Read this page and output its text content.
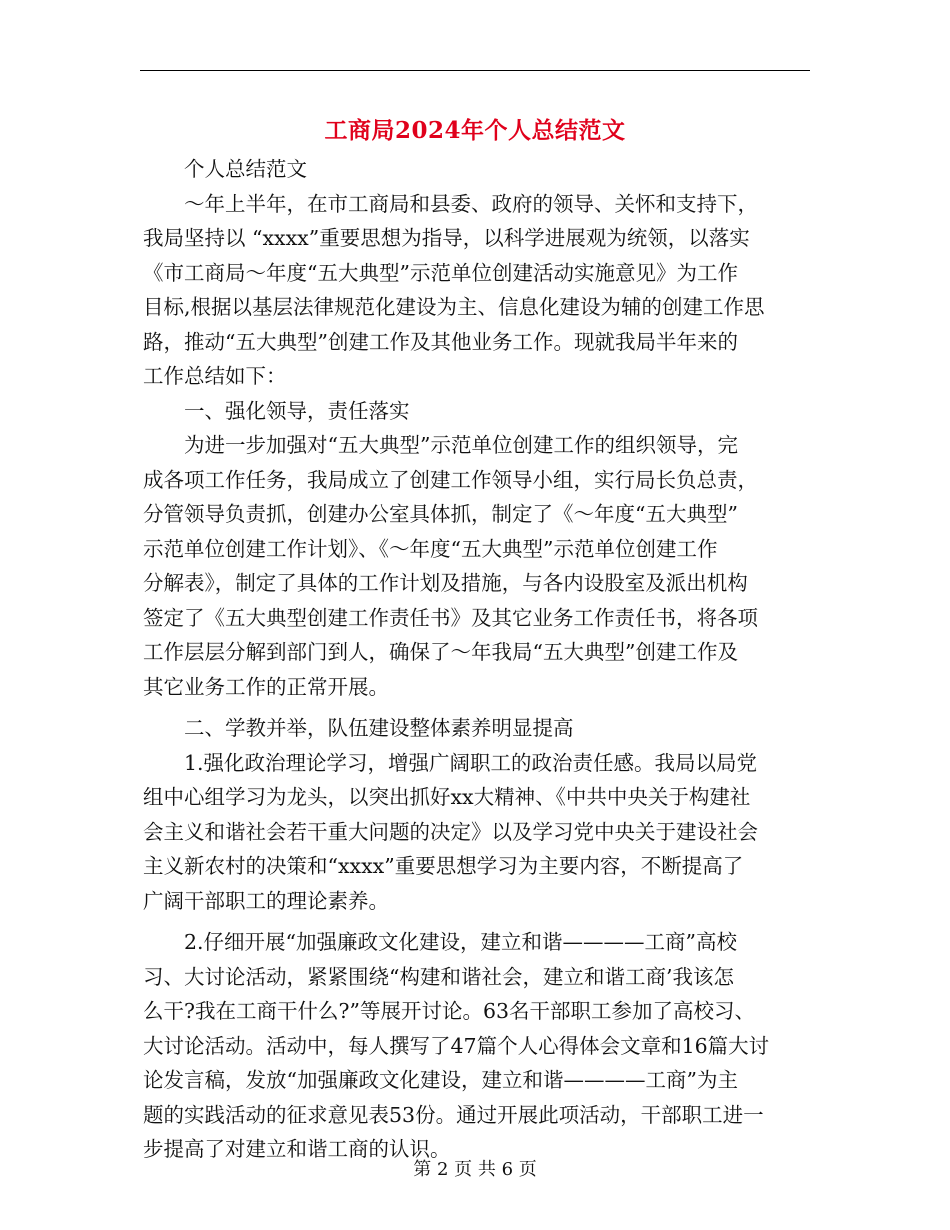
工商局2024年个人总结范文
个人总结范文
～年上半年，在市工商局和县委、政府的领导、关怀和支持下，
我局坚持以 “xxxx”重要思想为指导，以科学进展观为统领，以落实
《市工商局～年度“五大典型”示范单位创建活动实施意见》为工作
目标,根据以基层法律规范化建设为主、信息化建设为辅的创建工作思
路，推动“五大典型”创建工作及其他业务工作。现就我局半年来的
工作总结如下：
一、强化领导，责任落实
为进一步加强对“五大典型”示范单位创建工作的组织领导，完
成各项工作任务，我局成立了创建工作领导小组，实行局长负总责，
分管领导负责抓，创建办公室具体抓，制定了《～年度“五大典型”
示范单位创建工作计划》、《～年度“五大典型”示范单位创建工作
分解表》，制定了具体的工作计划及措施，与各内设股室及派出机构
签定了《五大典型创建工作责任书》及其它业务工作责任书，将各项
工作层层分解到部门到人，确保了～年我局“五大典型”创建工作及
其它业务工作的正常开展。
二、学教并举，队伍建设整体素养明显提高
1.强化政治理论学习，增强广阔职工的政治责任感。我局以局党
组中心组学习为龙头，以突出抓好xx大精神、《中共中央关于构建社
会主义和谐社会若干重大问题的决定》以及学习党中央关于建设社会
主义新农村的决策和“xxxx”重要思想学习为主要内容，不断提高了
广阔干部职工的理论素养。
2.仔细开展“加强廉政文化建设，建立和谐————工商”高校
习、大讨论活动，紧紧围绕“构建和谐社会，建立和谐工商’我该怎
么干?我在工商干什么?”等展开讨论。63名干部职工参加了高校习、
大讨论活动。活动中，每人撰写了47篇个人心得体会文章和16篇大讨
论发言稿，发放“加强廉政文化建设，建立和谐————工商”为主
题的实践活动的征求意见表53份。通过开展此项活动，干部职工进一
步提高了对建立和谐工商的认识。
第 2 页 共 6 页
